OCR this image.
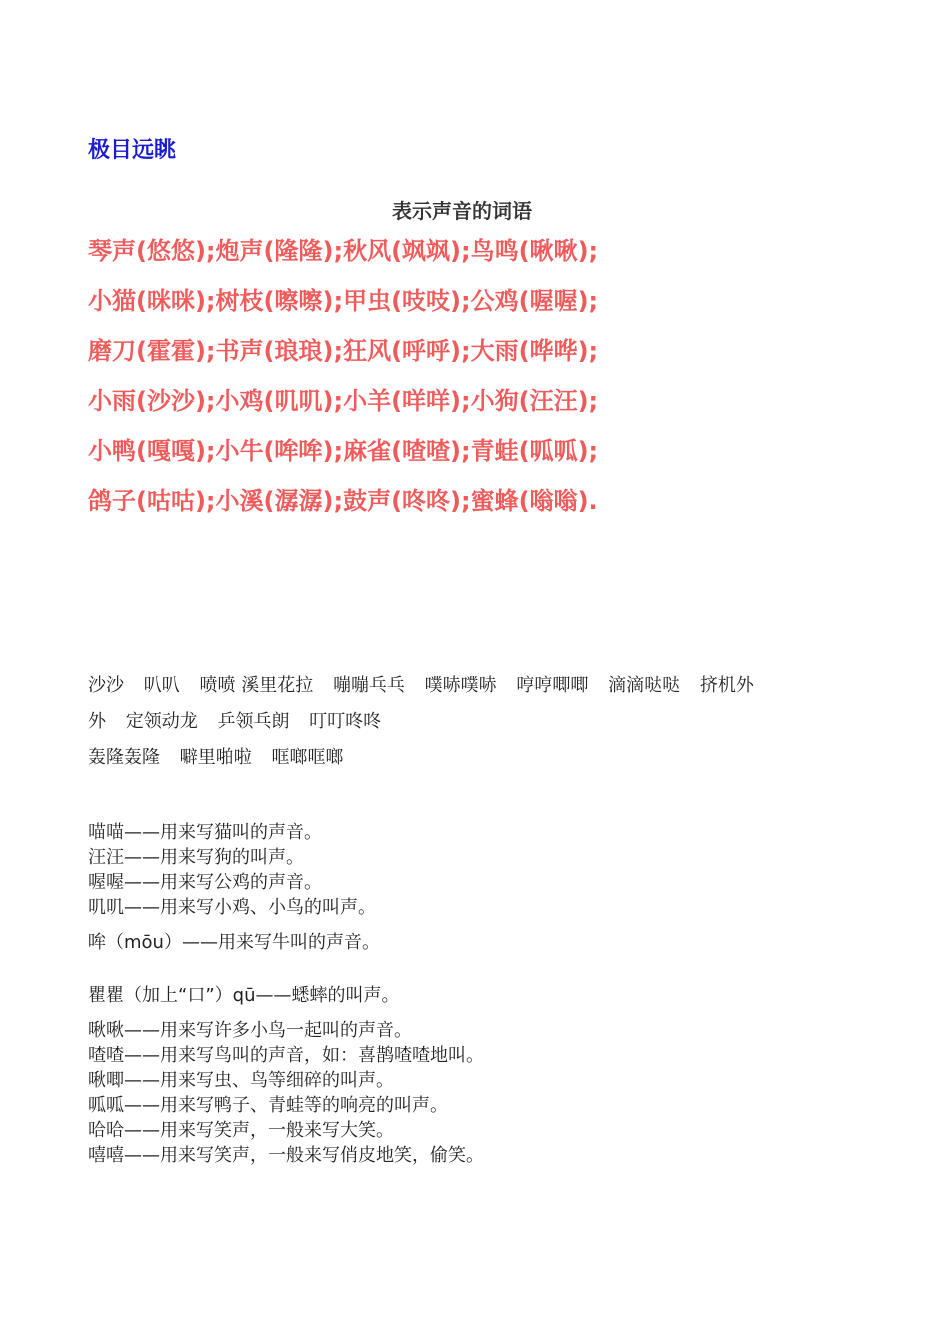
极目远眺
表示声音的词语
琴声(悠悠);炮声(隆隆);秋风(飒飒);鸟鸣(啾啾);
小猫(咪咪);树枝(嚓嚓);甲虫(吱吱);公鸡(喔喔);
磨刀(霍霍);书声(琅琅);狂风(呼呼);大雨(哗哗);
小雨(沙沙);小鸡(叽叽);小羊(咩咩);小狗(汪汪);
小鸭(嘎嘎);小牛(哞哞);麻雀(喳喳);青蛙(呱呱);
鸽子(咕咕);小溪(潺潺);鼓声(咚咚);蜜蜂(嗡嗡).
沙沙 叭叭 喷喷 溪里花拉 嘣嘣乓乓 噗哧噗哧 哼哼唧唧 滴滴哒哒 挤机外
外 定领动龙 乒领乓朗 叮叮咚咚
轰隆轰隆 噼里啪啦 哐啷哐啷
喵喵——用来写猫叫的声音。
汪汪——用来写狗的叫声。
喔喔——用来写公鸡的声音。
叽叽——用来写小鸡、小鸟的叫声。
哞（mōu）——用来写牛叫的声音。
瞿瞿（加上“口”）qū——蟋蟀的叫声。
啾啾——用来写许多小鸟一起叫的声音。
喳喳——用来写鸟叫的声音，如：喜鹊喳喳地叫。
啾唧——用来写虫、鸟等细碎的叫声。
呱呱——用来写鸭子、青蛙等的响亮的叫声。
哈哈——用来写笑声，一般来写大笑。
嘻嘻——用来写笑声，一般来写俏皮地笑，偷笑。
